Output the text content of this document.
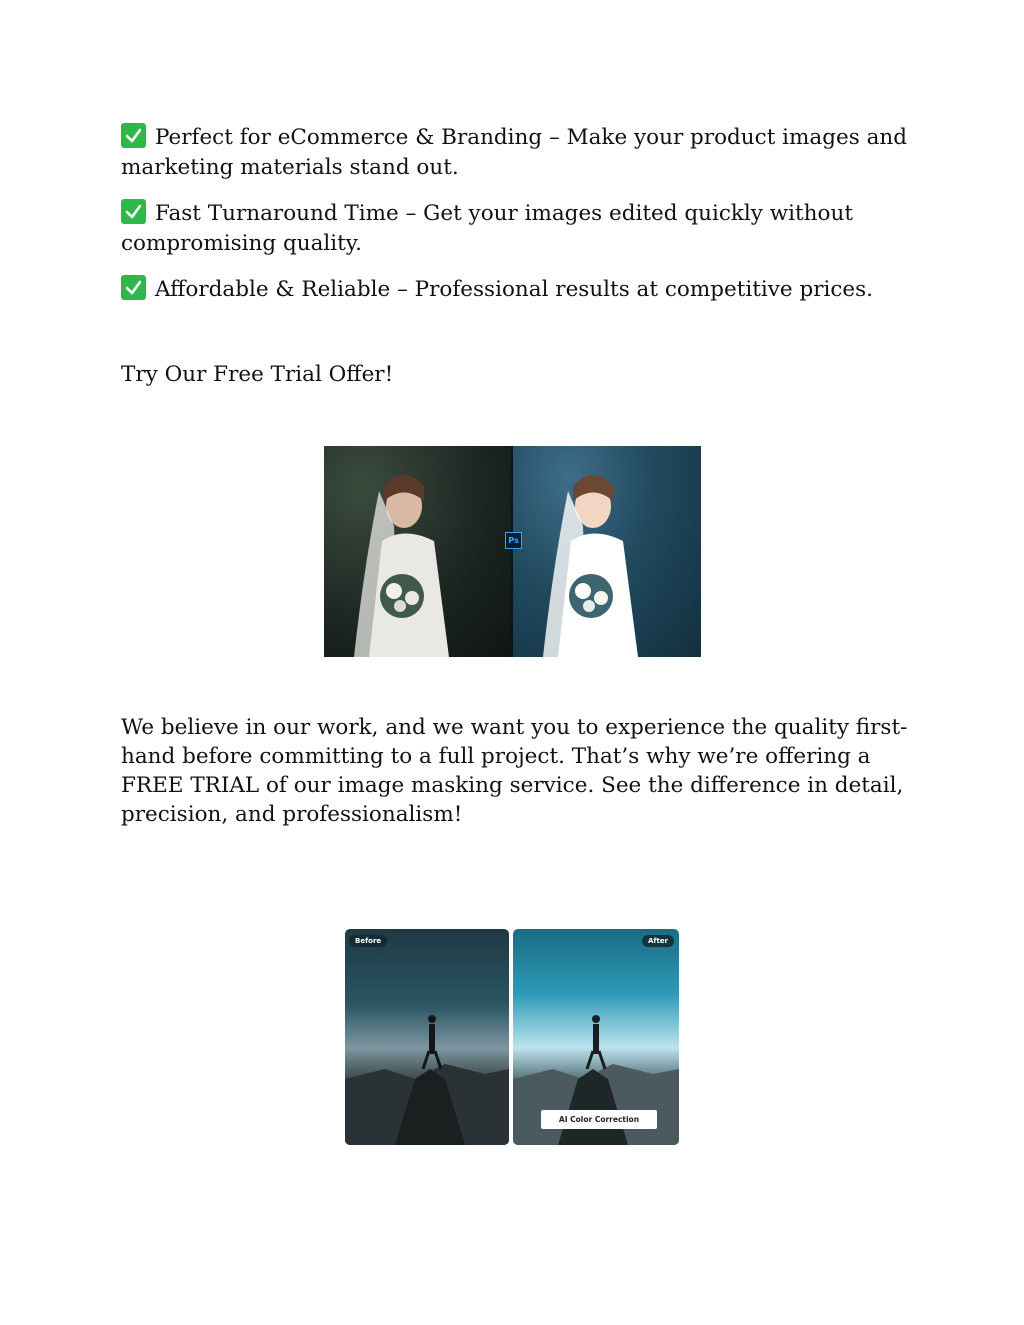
Perfect for eCommerce & Branding – Make your product images and marketing materials stand out.
Fast Turnaround Time – Get your images edited quickly without compromising quality.
Affordable & Reliable – Professional results at competitive prices.
Try Our Free Trial Offer!
Ps
We believe in our work, and we want you to experience the quality first-hand before committing to a full project. That’s why we’re offering a FREE TRIAL of our image masking service. See the difference in detail, precision, and professionalism!
Before	After
AI Color Correction
